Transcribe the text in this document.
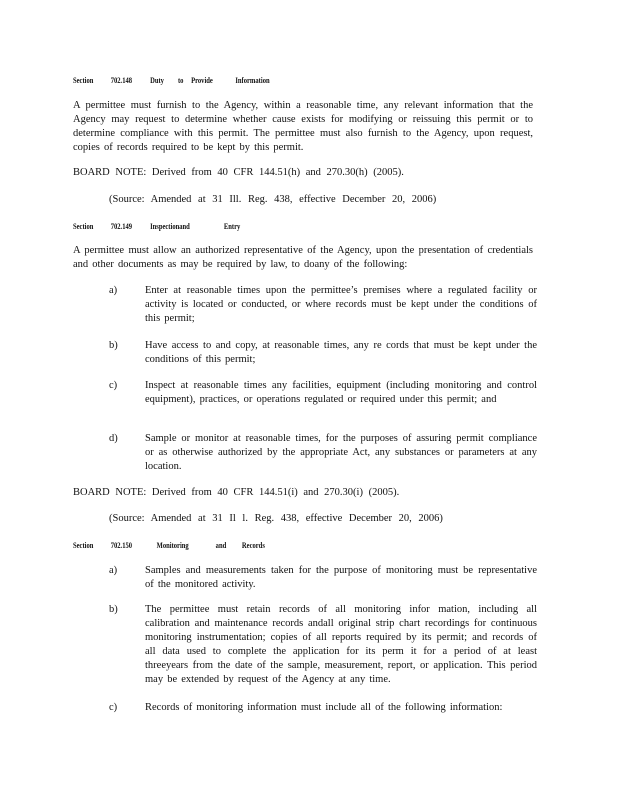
Section 702.148 Duty to Provide	Information
A permittee must furnish to the Agency, within a reasonable time, any relevant information that the Agency may request to determine whether cause exists for modifying or reissuing this permit or to determine compliance with this permit. The permittee must also furnish to the Agency, upon request, copies of records required to be kept by this permit.
BOARD NOTE: Derived from 40 CFR 144.51(h) and 270.30(h) (2005).
(Source: Amended at 31 Ill. Reg. 438, effective December 20, 2006)
Section 702.149 Inspectionand	Entry
A permittee must allow an authorized representative of the Agency, upon the presentation of credentials and other documents as may be required by law, to doany of the following:
a)	Enter at reasonable times upon the permittee’s premises where a regulated facility or activity is located or conducted, or where records must be kept under the conditions of this permit;
b)	Have access to and copy, at reasonable times, any re cords that must be kept under the conditions of this permit;
c)	Inspect at reasonable times any facilities, equipment (including monitoring and control equipment), practices, or operations regulated or required under this permit; and
d)	Sample or monitor at reasonable times, for the purposes of assuring permit compliance or as otherwise authorized by the appropriate Act, any substances or parameters at any location.
BOARD NOTE: Derived from 40 CFR 144.51(i) and 270.30(i) (2005).
(Source: Amended at 31 Il l. Reg. 438, effective December 20, 2006)
Section 702.150	Monitoring	and Records
a)	Samples and measurements taken for the purpose of monitoring must be representative of the monitored activity.
b)	The permittee must retain records of all monitoring infor mation, including all calibration and maintenance records andall original strip chart recordings for continuous monitoring instrumentation; copies of all reports required by its permit; and records of all data used to complete the application for its perm it for a period of at least threeyears from the date of the sample, measurement, report, or application. This period may be extended by request of the Agency at any time.
c)	Records of monitoring information must include all of the following information:
